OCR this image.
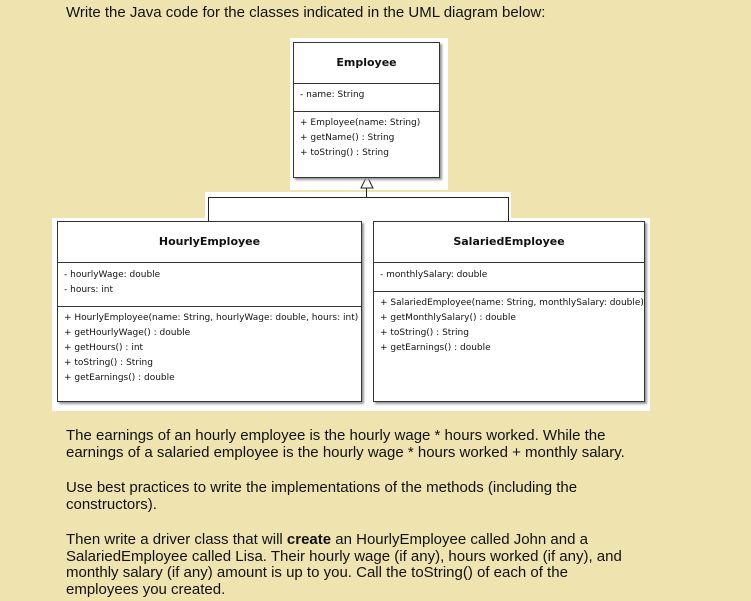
Write the Java code for the classes indicated in the UML diagram below:

Employee
- name: String
+ Employee(name: String)
+ getName() : String
+ toString() : String
HourlyEmployee
- hourlyWage: double
- hours: int
+ HourlyEmployee(name: String, hourlyWage: double, hours: int)
+ getHourlyWage() : double
+ getHours() : int
+ toString() : String
+ getEarnings() : double
SalariedEmployee
- monthlySalary: double
+ SalariedEmployee(name: String, monthlySalary: double)
+ getMonthlySalary() : double
+ toString() : String
+ getEarnings() : double

The earnings of an hourly employee is the hourly wage * hours worked. While the earnings of a salaried employee is the hourly wage * hours worked + monthly salary.

Use best practices to write the implementations of the methods (including the constructors).

Then write a driver class that will create an HourlyEmployee called John and a SalariedEmployee called Lisa. Their hourly wage (if any), hours worked (if any), and monthly salary (if any) amount is up to you. Call the toString() of each of the employees you created.
